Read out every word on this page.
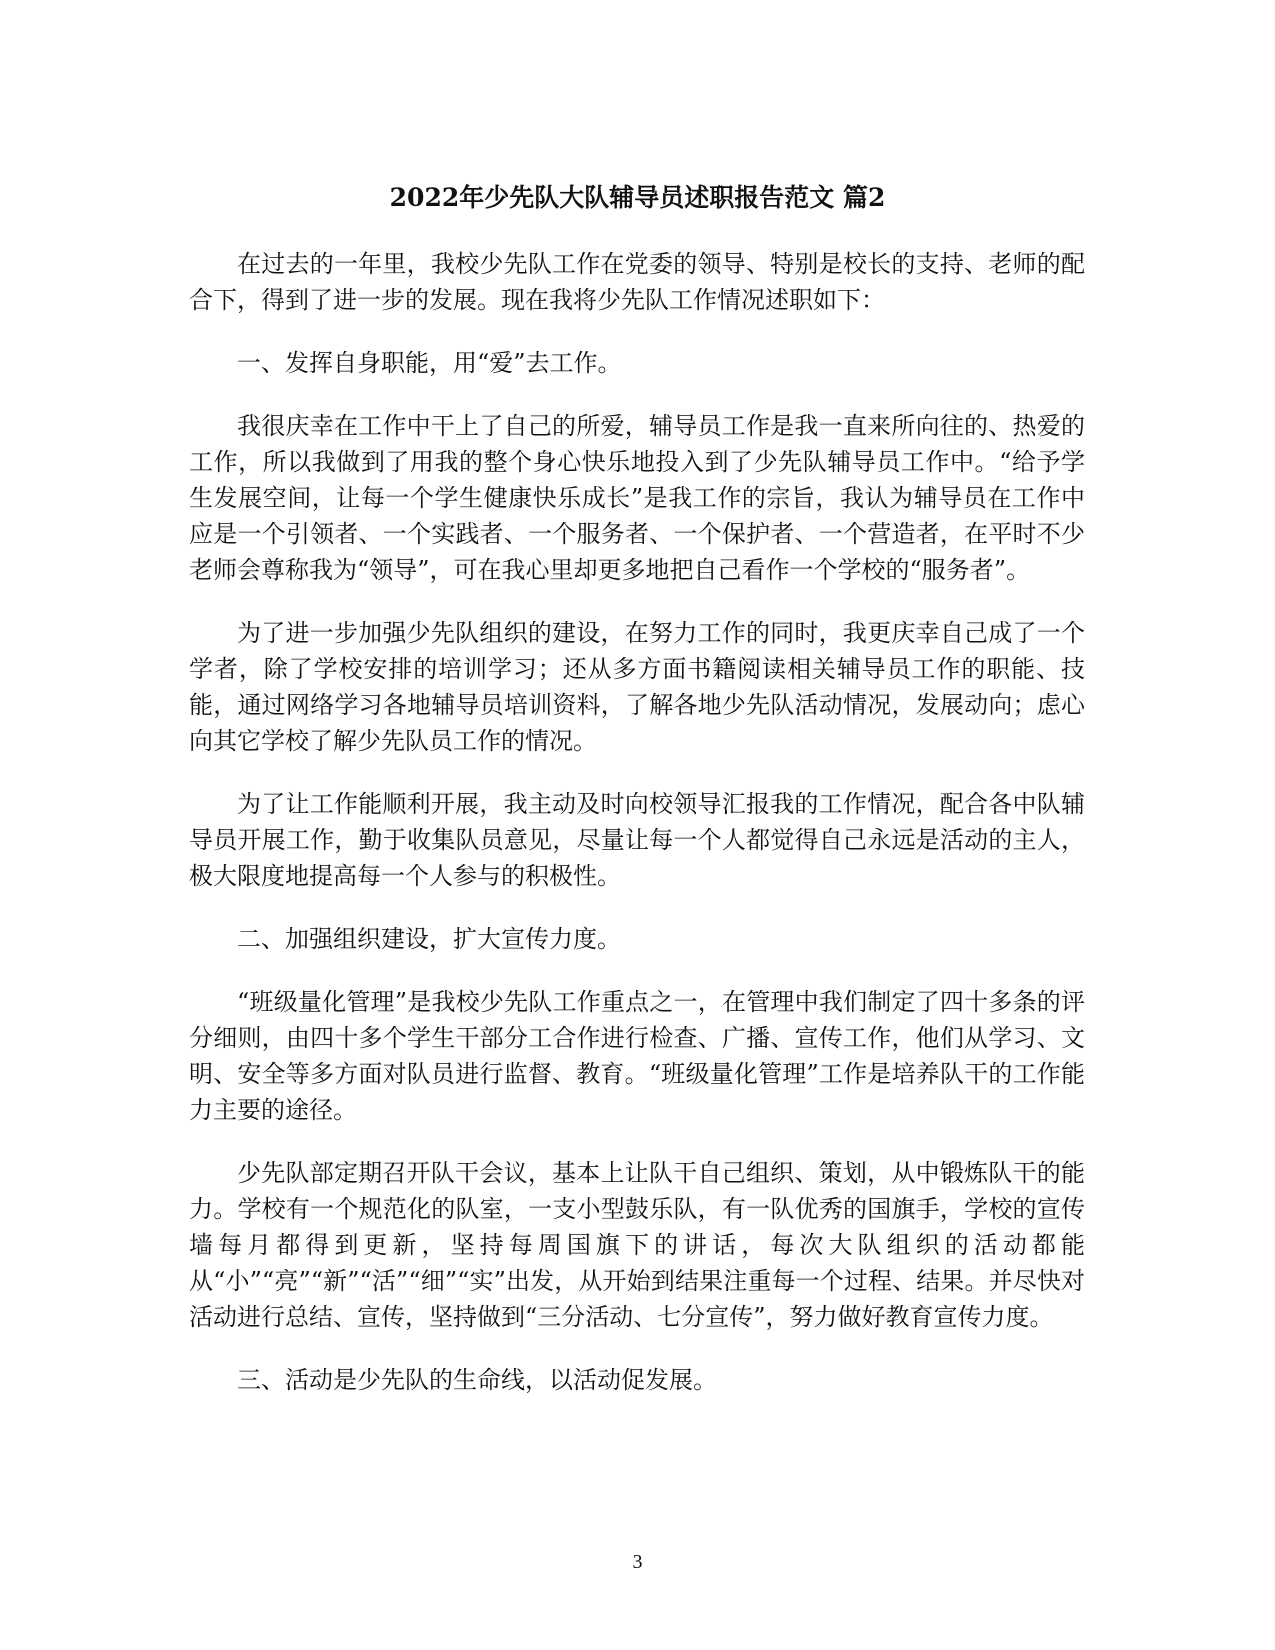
2022年少先队大队辅导员述职报告范文 篇2

在过去的一年里，我校少先队工作在党委的领导、特别是校长的支持、老师的配合下，得到了进一步的发展。现在我将少先队工作情况述职如下：

一、发挥自身职能，用“爱”去工作。

我很庆幸在工作中干上了自己的所爱，辅导员工作是我一直来所向往的、热爱的工作，所以我做到了用我的整个身心快乐地投入到了少先队辅导员工作中。“给予学生发展空间，让每一个学生健康快乐成长”是我工作的宗旨，我认为辅导员在工作中应是一个引领者、一个实践者、一个服务者、一个保护者、一个营造者，在平时不少老师会尊称我为“领导”，可在我心里却更多地把自己看作一个学校的“服务者”。

为了进一步加强少先队组织的建设，在努力工作的同时，我更庆幸自己成了一个学者，除了学校安排的培训学习；还从多方面书籍阅读相关辅导员工作的职能、技能，通过网络学习各地辅导员培训资料，了解各地少先队活动情况，发展动向；虑心向其它学校了解少先队员工作的情况。

为了让工作能顺利开展，我主动及时向校领导汇报我的工作情况，配合各中队辅导员开展工作，勤于收集队员意见，尽量让每一个人都觉得自己永远是活动的主人，极大限度地提高每一个人参与的积极性。

二、加强组织建设，扩大宣传力度。

“班级量化管理”是我校少先队工作重点之一，在管理中我们制定了四十多条的评分细则，由四十多个学生干部分工合作进行检查、广播、宣传工作，他们从学习、文明、安全等多方面对队员进行监督、教育。“班级量化管理”工作是培养队干的工作能力主要的途径。

少先队部定期召开队干会议，基本上让队干自己组织、策划，从中锻炼队干的能力。学校有一个规范化的队室，一支小型鼓乐队，有一队优秀的国旗手，学校的宣传墙每月都得到更新，坚持每周国旗下的讲话，每次大队组织的活动都能从“小”“亮”“新”“活”“细”“实”出发，从开始到结果注重每一个过程、结果。并尽快对活动进行总结、宣传，坚持做到“三分活动、七分宣传”，努力做好教育宣传力度。

三、活动是少先队的生命线，以活动促发展。

3
